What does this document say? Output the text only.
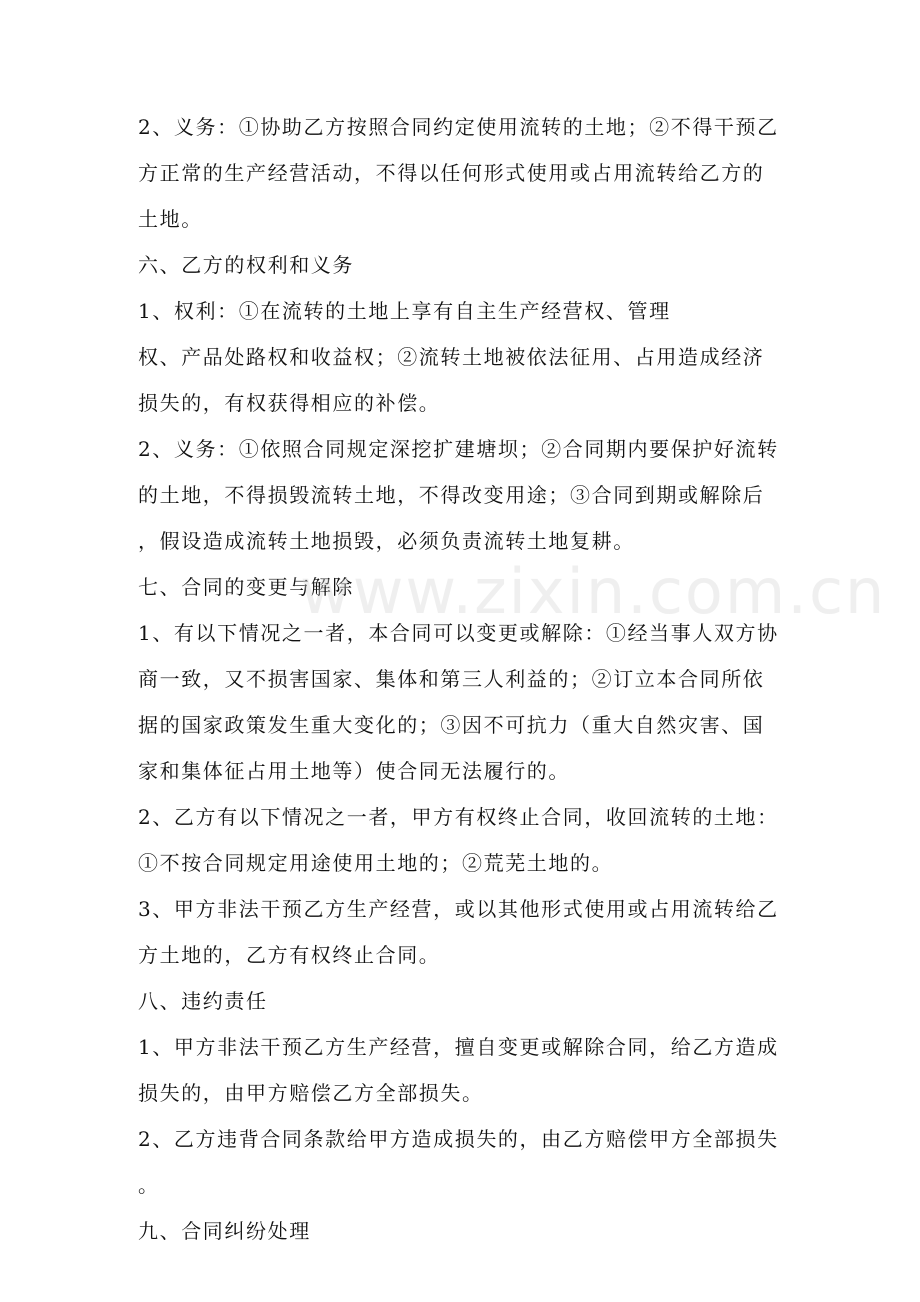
2、义务：①协助乙方按照合同约定使用流转的土地；②不得干预乙
方正常的生产经营活动，不得以任何形式使用或占用流转给乙方的
土地。
六、乙方的权利和义务
1、权利：①在流转的土地上享有自主生产经营权、管理
权、产品处路权和收益权；②流转土地被依法征用、占用造成经济
损失的，有权获得相应的补偿。
2、义务：①依照合同规定深挖扩建塘坝；②合同期内要保护好流转
的土地，不得损毁流转土地，不得改变用途；③合同到期或解除后
，假设造成流转土地损毁，必须负责流转土地复耕。
七、合同的变更与解除
1、有以下情况之一者，本合同可以变更或解除：①经当事人双方协
商一致，又不损害国家、集体和第三人利益的；②订立本合同所依
据的国家政策发生重大变化的；③因不可抗力（重大自然灾害、国
家和集体征占用土地等）使合同无法履行的。
2、乙方有以下情况之一者，甲方有权终止合同，收回流转的土地：
①不按合同规定用途使用土地的；②荒芜土地的。
3、甲方非法干预乙方生产经营，或以其他形式使用或占用流转给乙
方土地的，乙方有权终止合同。
八、违约责任
1、甲方非法干预乙方生产经营，擅自变更或解除合同，给乙方造成
损失的，由甲方赔偿乙方全部损失。
2、乙方违背合同条款给甲方造成损失的，由乙方赔偿甲方全部损失
。
九、合同纠纷处理
www.zixin.com.cn
